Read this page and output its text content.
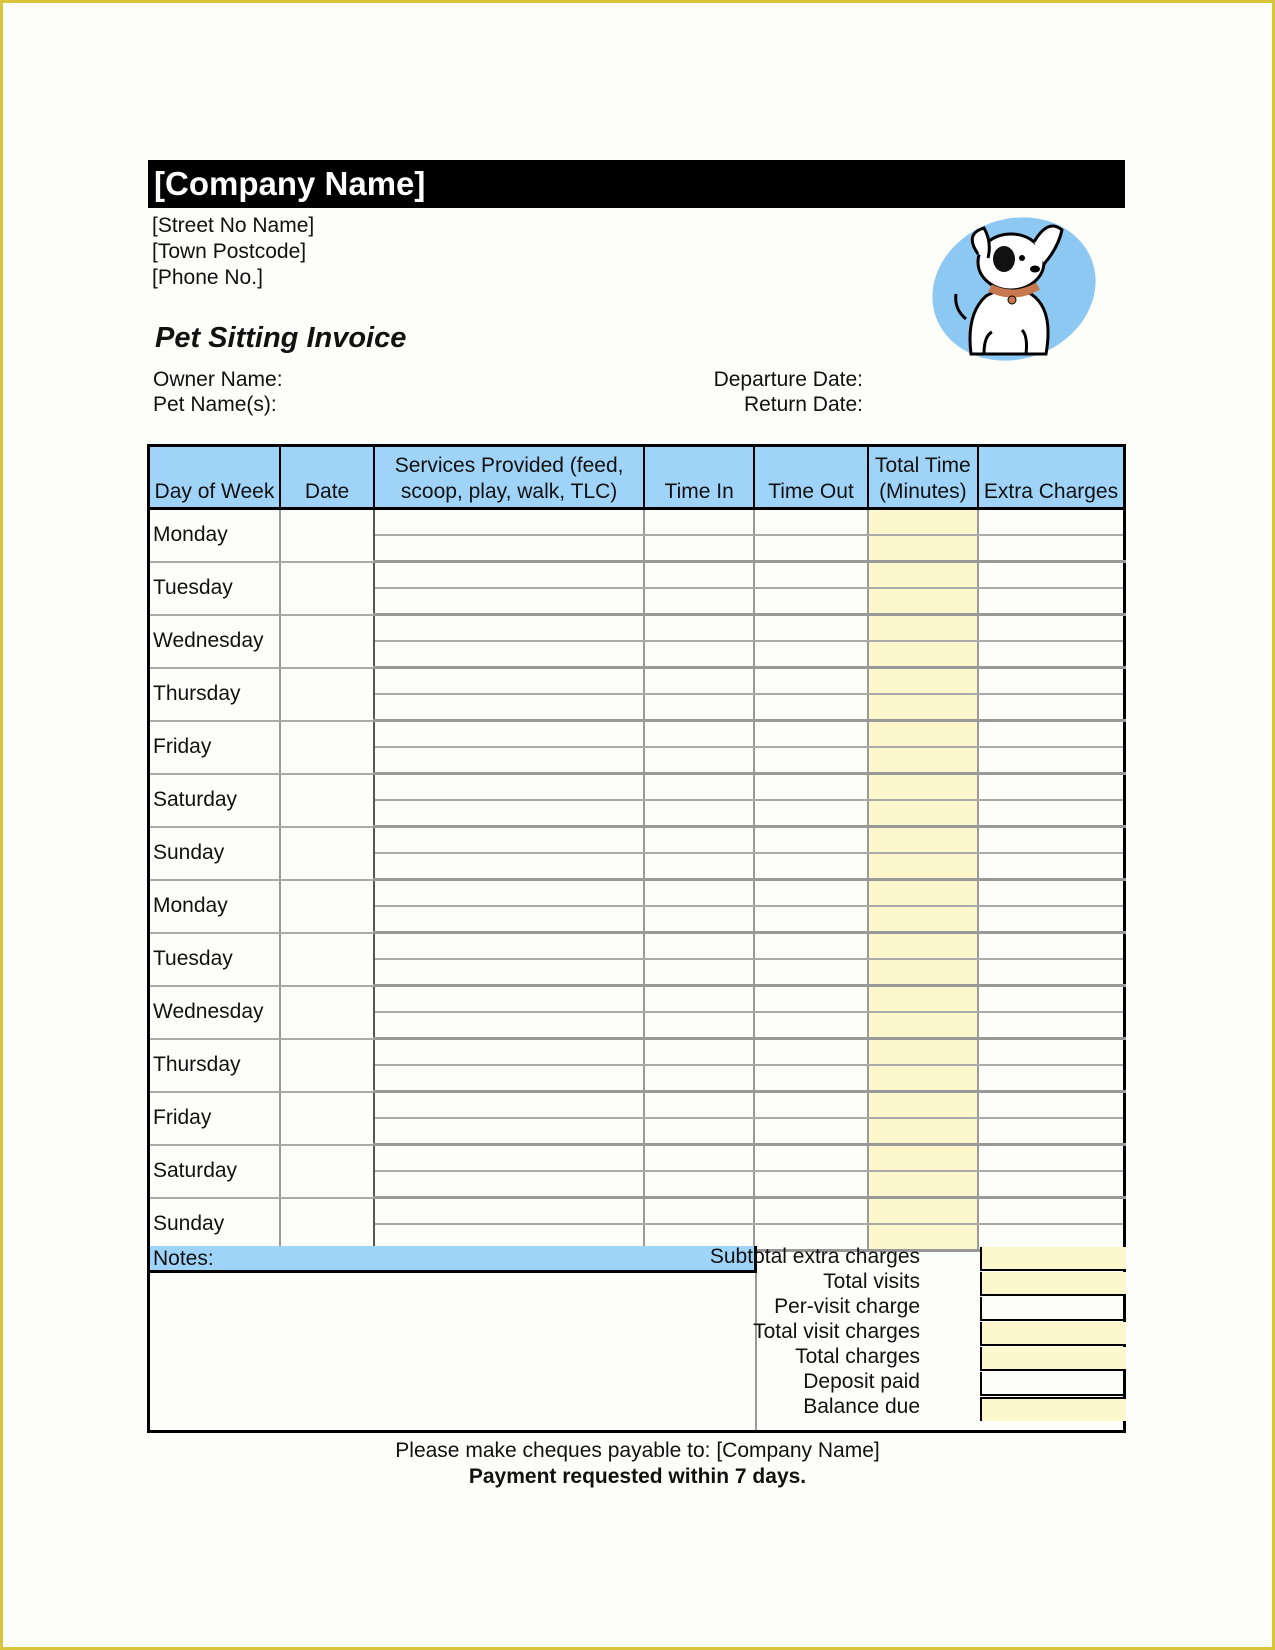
[Company Name]
[Street No Name]
[Town Postcode]
[Phone No.]
Pet Sitting Invoice
Owner Name:
Pet Name(s):
Departure Date:
Return Date:
Day of Week	Date	Services Provided (feed, scoop, play, walk, TLC)	Time In	Time Out	Total Time (Minutes)	Extra Charges
Monday						

Tuesday						

Wednesday						

Thursday						

Friday						

Saturday						

Sunday						

Monday						

Tuesday						

Wednesday						

Thursday						

Friday						

Saturday						

Sunday						

Notes:	Subtotal extra charges
Total visits
Per-visit charge
Total visit charges
Total charges
Deposit paid
Balance due
Please make cheques payable to: [Company Name]
Payment requested within 7 days.
